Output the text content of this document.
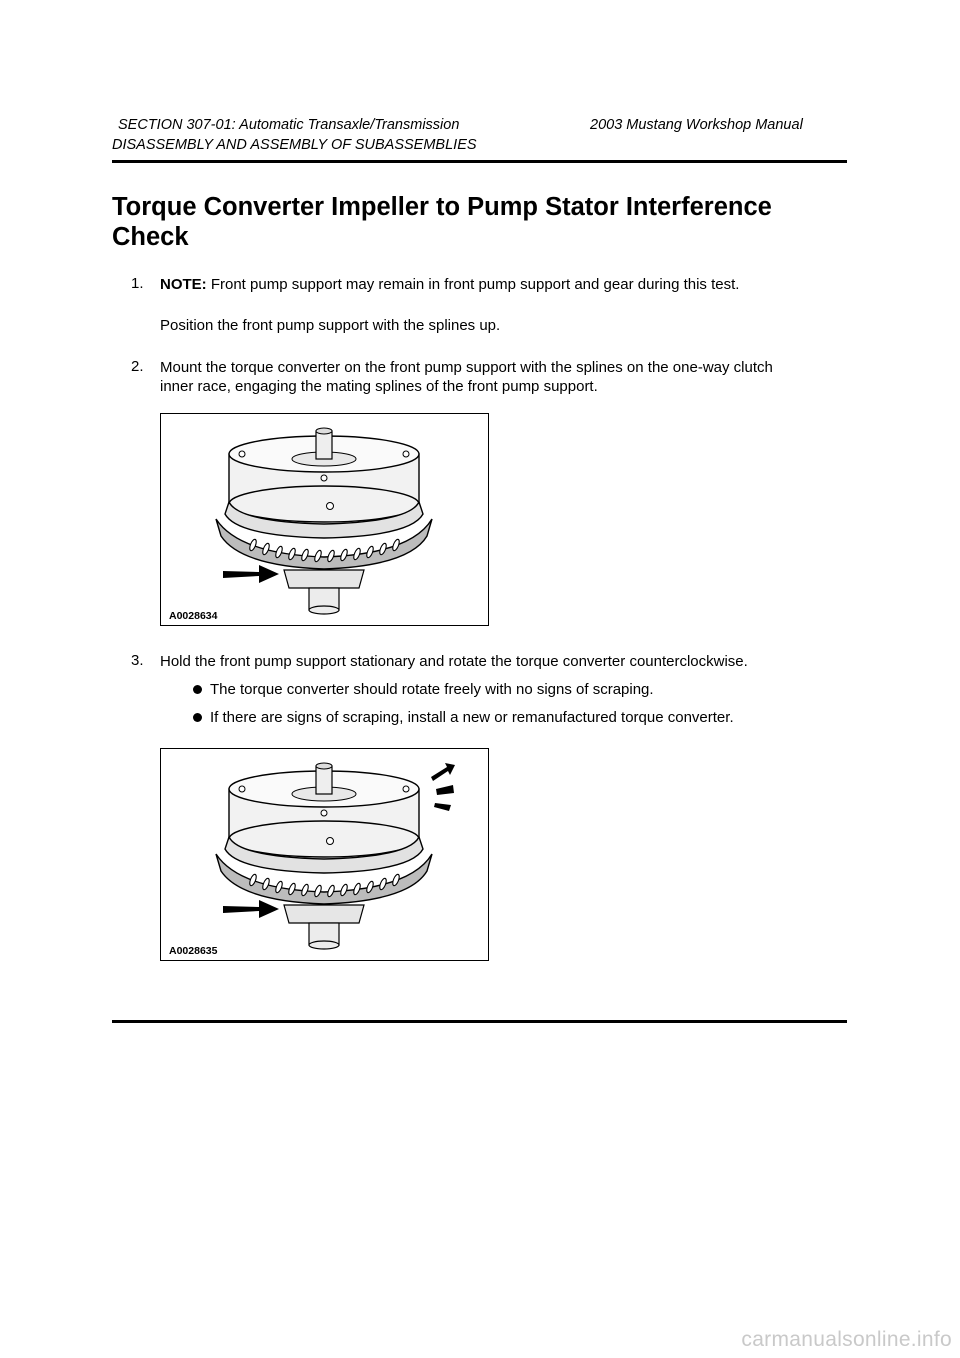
SECTION 307-01: Automatic Transaxle/Transmission	2003 Mustang Workshop Manual
DISASSEMBLY AND ASSEMBLY OF SUBASSEMBLIES
Torque Converter Impeller to Pump Stator Interference
Check
1. NOTE: Front pump support may remain in front pump support and gear during this test.
Position the front pump support with the splines up.
2. Mount the torque converter on the front pump support with the splines on the one-way clutch
inner race, engaging the mating splines of the front pump support.
A0028634
3. Hold the front pump support stationary and rotate the torque converter counterclockwise.
The torque converter should rotate freely with no signs of scraping.
If there are signs of scraping, install a new or remanufactured torque converter.
A0028635
carmanualsonline.info
